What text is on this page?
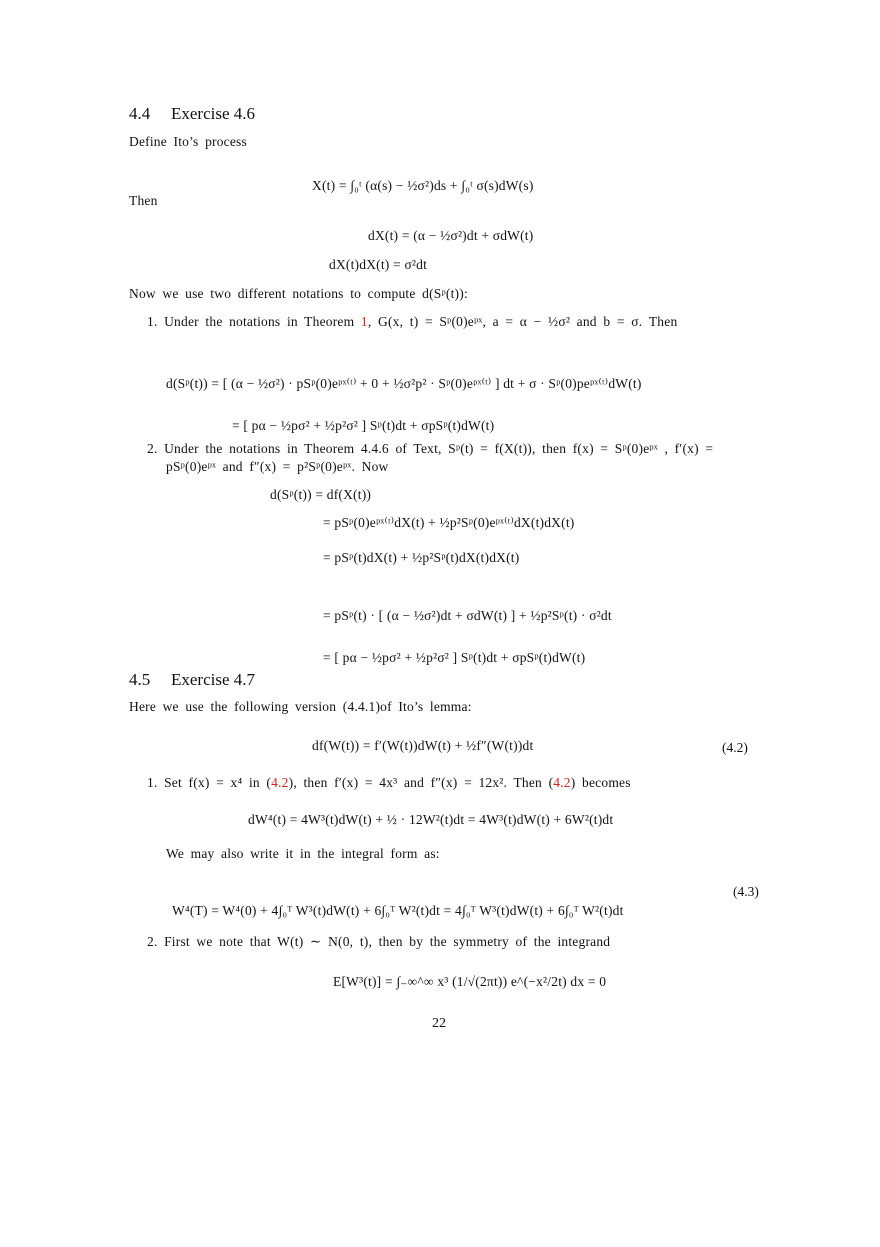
4.4 Exercise 4.6
Define Ito’s process
Then
X(t) = ∫₀ᵗ (α(s) − ½σ²)ds + ∫₀ᵗ σ(s)dW(s)
dX(t) = (α − ½σ²)dt + σdW(t)
dX(t)dX(t) = σ²dt
Now we use two different notations to compute d(Sᵖ(t)):
1. Under the notations in Theorem 1, G(x, t) = Sᵖ(0)eᵖˣ, a = α − ½σ² and b = σ. Then
d(Sᵖ(t)) = [ (α − ½σ²) · pSᵖ(0)eᵖˣ⁽ᵗ⁾ + 0 + ½σ²p² · Sᵖ(0)eᵖˣ⁽ᵗ⁾ ] dt + σ · Sᵖ(0)peᵖˣ⁽ᵗ⁾dW(t)
= [ pα − ½pσ² + ½p²σ² ] Sᵖ(t)dt + σpSᵖ(t)dW(t)
2. Under the notations in Theorem 4.4.6 of Text, Sᵖ(t) = f(X(t)), then f(x) = Sᵖ(0)eᵖˣ , f′(x) =
pSᵖ(0)eᵖˣ and f″(x) = p²Sᵖ(0)eᵖˣ. Now
d(Sᵖ(t)) = df(X(t))
= pSᵖ(0)eᵖˣ⁽ᵗ⁾dX(t) + ½p²Sᵖ(0)eᵖˣ⁽ᵗ⁾dX(t)dX(t)
= pSᵖ(t)dX(t) + ½p²Sᵖ(t)dX(t)dX(t)
= pSᵖ(t) · [ (α − ½σ²)dt + σdW(t) ] + ½p²Sᵖ(t) · σ²dt
= [ pα − ½pσ² + ½p²σ² ] Sᵖ(t)dt + σpSᵖ(t)dW(t)
4.5 Exercise 4.7
Here we use the following version (4.4.1)of Ito’s lemma:
df(W(t)) = f′(W(t))dW(t) + ½f″(W(t))dt	(4.2)
1. Set f(x) = x⁴ in (4.2), then f′(x) = 4x³ and f″(x) = 12x². Then (4.2) becomes
dW⁴(t) = 4W³(t)dW(t) + ½ · 12W²(t)dt = 4W³(t)dW(t) + 6W²(t)dt
We may also write it in the integral form as:
W⁴(T) = W⁴(0) + 4∫₀ᵀ W³(t)dW(t) + 6∫₀ᵀ W²(t)dt = 4∫₀ᵀ W³(t)dW(t) + 6∫₀ᵀ W²(t)dt
(4.3)
2. First we note that W(t) ∼ N(0, t), then by the symmetry of the integrand
E[W³(t)] = ∫₋∞^∞ x³ (1/√(2πt)) e^(−x²/2t) dx = 0
22
